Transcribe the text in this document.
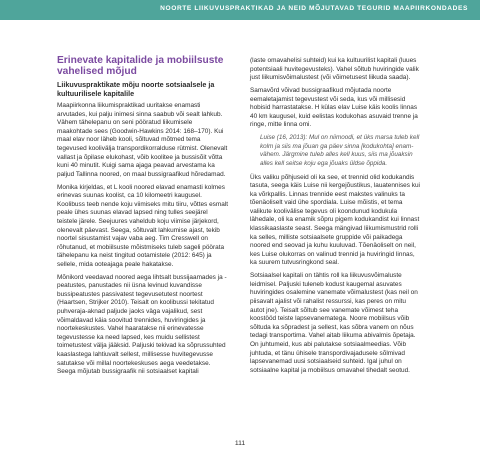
NOORTE LIIKUVUSPRAKTIKAD JA NEID MÕJUTAVAD TEGURID MAAPIIRKONDADES
Erinevate kapitalide ja mobiilsuste vahelised mõjud
Liikuvuspraktikate mõju noorte sotsiaalsele ja kultuurilisele kapitalile

Maapiirkonna liikumispraktikad uuritakse enamasti arvutades, kui palju inimesi sinna saabub või sealt lahkub. Vähem tähelepanu on seni pööratud liikumisele maakohtade sees (Goodwin-Hawkins 2014: 168–170). Kui maal elav noor läheb kooli, sõltuvad mõtmed tema tegevused koolivälja transpordikorralduse rütmist. Olenevalt vallast ja õpilase elukohast, võib koolitee ja bussisõit võtta kuni 40 minutit. Kuigi sama ajaga peavad arvestama ka paljud Tallinna noored, on maal bussigraafikud hõredamad.

Monika kirjeldas, et L kooli noored elavad enamasti kolmes erinevas suunas koolist, ca 10 kilomeetri kaugusel. Koolibuss teeb nende koju viimiseks mitu tiiru, võttes esmalt peale ühes suunas elavad lapsed ning tulles seejärel teistele järele. Seejuures vaheldub koju viimise järjekord, olenevalt päevast. Seega, sõltuvalt lahkumise ajast, tekib noortel sisustamist vajav vaba aeg. Tim Cresswell on rõhutanud, et mobiilsuste mõistmiseks tuleb sageli pöörata tähelepanu ka neist tingitud ootamistele (2012: 645) ja sellele, mida ooteajaga peale hakatakse.

Mõnikord veedavad noored aega lihtsalt bussijaamades ja -peatustes, panustades nii üsna levinud kuvandisse bussipeatustes passivatest tegevusetutest noortest (Haartsen, Strijker 2010). Teisalt on koolibussi tekitatud puhveraja-aknad paljude jaoks väga vajalikud, sest võimaldavad käia soovitud trennides, huviringides ja noortekeskustes. Vahel haaratakse nii erinevatesse tegevustesse ka need lapsed, kes muidu sellistest toimetustest välja jääksid. Paljuski tekivad ka sõprussuhted kaaslastega lahtiuvalt sellest, millisesse huvitegevusse satutakse või millal noortekeskuses aega veedetakse. Seega mõjutab bussigraafik nii sotsiaalset kapitali

(laste omavahelisi suhteid) kui ka kultuurilist kapitali (luues potentsiaali huvitegevusteks). Vahel sõltub huviringide valik just liikumisvõimalustest (või võimetusest liikuda saada).

Samavõrd võivad bussigraafikud mõjutada noorte eemaletajamist tegevustest või seda, kus või millisesid hobisid harrastatakse. H külas elav Luise käis koolis linnas 40 km kaugusel, kuid eelistas kodukohas asuvaid trenne ja ringe, mitte linna omi.

Luise (16, 2013): Mul on niimoodi, et üks marsa tuleb kell kolm ja siis ma jõuan ga päev sinna [kodukohta] enam-vähem. Järgmine tuleb alles kell kuus, siis ma jõuaksin alles kell seitse koju ega jõuaks üldse õppida.

Üks valiku põhjuseid oli ka see, et trennid olid kodukandis tasuta, seega käis Luise nii kergejõustikus, lauatennises kui ka võrkpallis. Linnas trennide eest makstes valinuks ta tõenäoliselt vaid ühe spordiala. Luise mõistis, et tema valikute koolivälise tegevus oli koondunud kodukula lähedale, oli ka enamik sõpru pigem kodukandist kui linnast klassikaaslaste seast. Seega mängivad liikumismustrid rolli ka selles, milliste sotsiaalsete gruppide või paikadega noored end seovad ja kuhu kuuluvad. Tõenäoliselt on neil, kes Luise olukorras on valinud trennid ja huviringid linnas, ka suurem tutvusringkond seal.

Sotsiaalsel kapitali on tähtis roll ka liikuvusvõimaluste leidmisel. Paljuski tuleneb kodust kaugemal asuvates huviringides osalemine vanemate võimalustest (kas neil on piisavalt ajalist või rahalist ressurssi, kas peres on mitu autot jne). Teisalt sõltub see vanemate võimest teha koostööd teiste lapsevanematega. Noore mobiilsus võib sõltuda ka sõpradest ja sellest, kas sõbra vanem on nõus tedagi transportima. Vahel aitab liikuma abivalmis õpetaja. On juhtumeid, kus abi palutakse sotsiaalmeedias. Võib juhtuda, et tänu ühisele transpordivajadusele sõlmivad lapsevanemad uusi sotsiaalseid suhteid. Igal juhul on sotsiaalne kapital ja mobiilsus omavahel tihedalt seotud.

111
